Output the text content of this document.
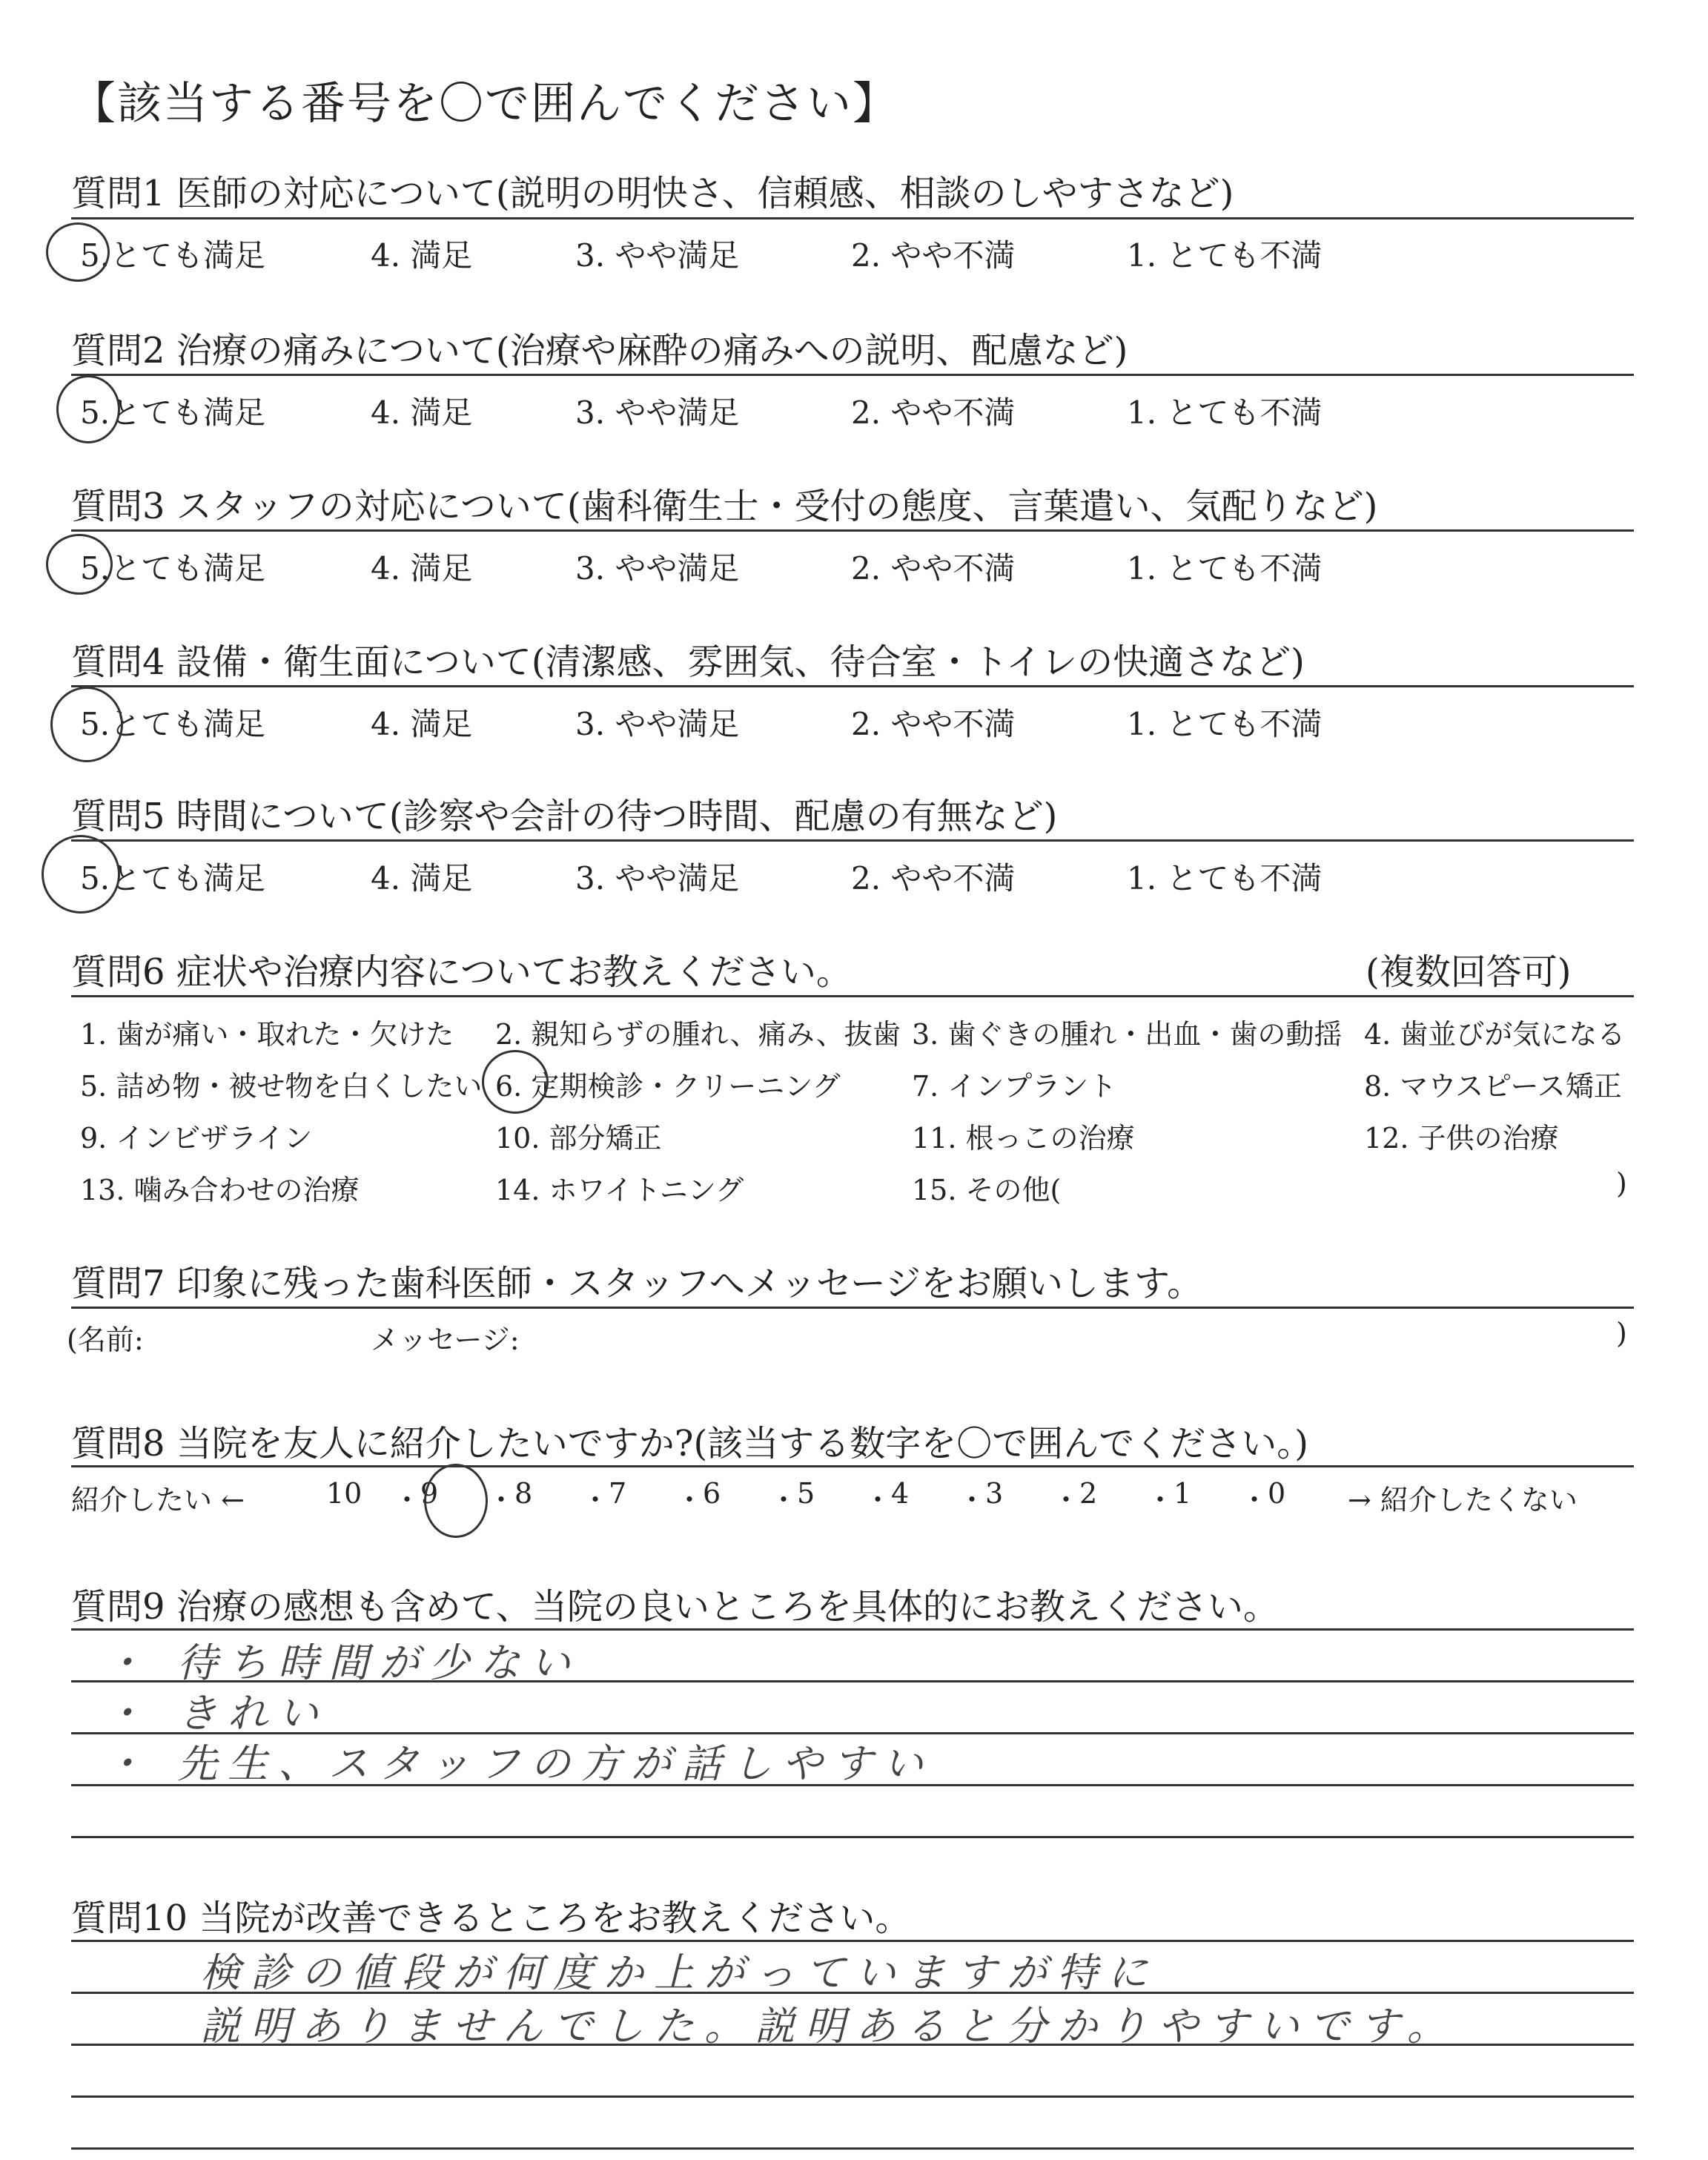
【該当する番号を〇で囲んでください】
質問1 医師の対応について(説明の明快さ、信頼感、相談のしやすさなど)
5.とても満足	4. 満足	3. やや満足	2. やや不満	1. とても不満
質問2 治療の痛みについて(治療や麻酔の痛みへの説明、配慮など)
5.とても満足	4. 満足	3. やや満足	2. やや不満	1. とても不満
質問3 スタッフの対応について(歯科衛生士・受付の態度、言葉遣い、気配りなど)
5.とても満足	4. 満足	3. やや満足	2. やや不満	1. とても不満
質問4 設備・衛生面について(清潔感、雰囲気、待合室・トイレの快適さなど)
5.とても満足	4. 満足	3. やや満足	2. やや不満	1. とても不満
質問5 時間について(診察や会計の待つ時間、配慮の有無など)
5.とても満足	4. 満足	3. やや満足	2. やや不満	1. とても不満
質問6 症状や治療内容についてお教えください。	(複数回答可)
1. 歯が痛い・取れた・欠けた 2. 親知らずの腫れ、痛み、抜歯 3. 歯ぐきの腫れ・出血・歯の動揺 4. 歯並びが気になる
5. 詰め物・被せ物を白くしたい 6. 定期検診・クリーニング	7. インプラント	8. マウスピース矯正
9. インビザライン	10. 部分矯正	11. 根っこの治療	12. 子供の治療
13. 噛み合わせの治療	14. ホワイトニング	15. その他(	)
質問7 印象に残った歯科医師・スタッフへメッセージをお願いします。
(名前:	メッセージ:	)
質問8 当院を友人に紹介したいですか?(該当する数字を〇で囲んでください。)
紹介したい ←	→ 紹介したくない
10 ・
9 ・
8 ・
7 ・
6 ・
5 ・
4 ・
3 ・
2 ・
1 ・
0
質問9 治療の感想も含めて、当院の良いところを具体的にお教えください。
・ 待ち時間が少ない
・ きれい
・ 先生、スタッフの方が話しやすい
質問10 当院が改善できるところをお教えください。
検診の値段が何度か上がっていますが特に
説明ありませんでした。説明あると分かりやすいです。
